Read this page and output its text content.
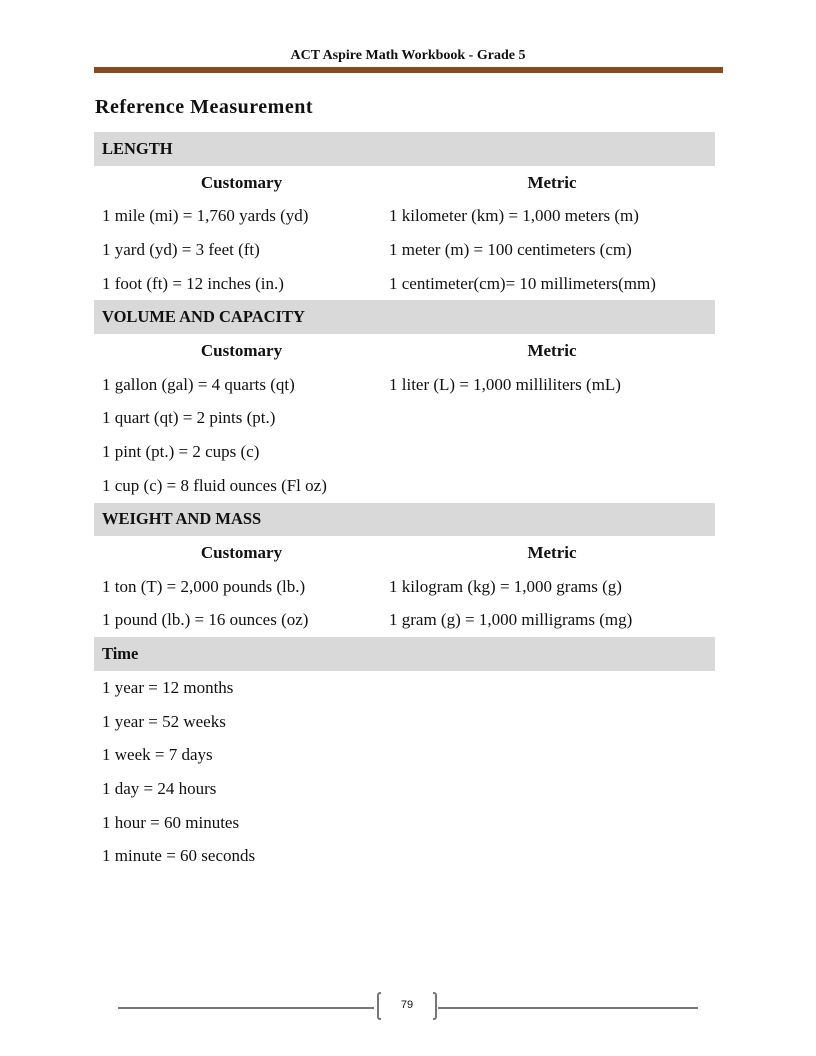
ACT Aspire Math Workbook - Grade 5
Reference Measurement
LENGTH
Customary	Metric
1 mile (mi) = 1,760 yards (yd)	1 kilometer (km) = 1,000 meters (m)
1 yard (yd) = 3 feet (ft)	1 meter (m) = 100 centimeters (cm)
1 foot (ft) = 12 inches (in.)	1 centimeter(cm)= 10 millimeters(mm)
VOLUME AND CAPACITY
Customary	Metric
1 gallon (gal) = 4 quarts (qt)	1 liter (L) = 1,000 milliliters (mL)
1 quart (qt) = 2 pints (pt.)
1 pint (pt.) = 2 cups (c)
1 cup (c) = 8 fluid ounces (Fl oz)
WEIGHT AND MASS
Customary	Metric
1 ton (T) = 2,000 pounds (lb.)	1 kilogram (kg) = 1,000 grams (g)
1 pound (lb.) = 16 ounces (oz)	1 gram (g) = 1,000 milligrams (mg)
Time
1 year = 12 months
1 year = 52 weeks
1 week = 7 days
1 day = 24 hours
1 hour = 60 minutes
1 minute = 60 seconds
79
